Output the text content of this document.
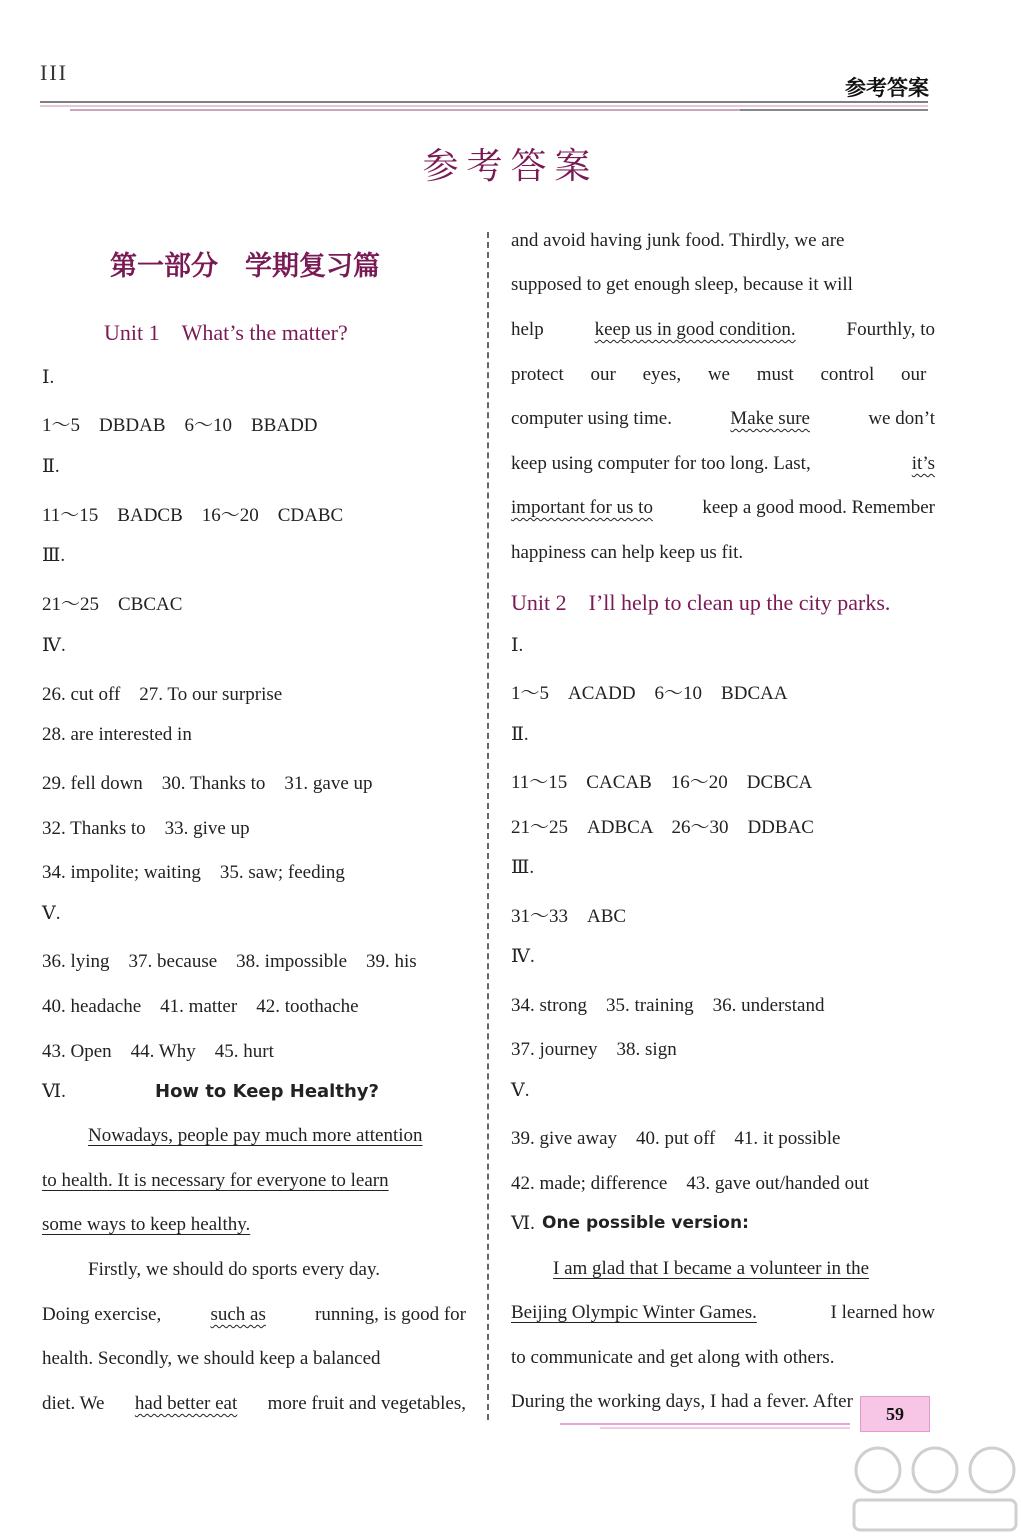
III
参考答案
参考答案
第一部分　学期复习篇
Unit 1　What’s the matter?
Ⅰ.
1～5　DBDAB　6～10　BBADD
Ⅱ.
11～15　BADCB　16～20　CDABC
Ⅲ.
21～25　CBCAC
Ⅳ.
26. cut off　27. To our surprise
28. are interested in
29. fell down　30. Thanks to　31. gave up
32. Thanks to　33. give up
34. impolite; waiting　35. saw; feeding
Ⅴ.
36. lying　37. because　38. impossible　39. his
40. headache　41. matter　42. toothache
43. Open　44. Why　45. hurt
Ⅵ.	How to Keep Healthy?
Nowadays, people pay much more attention
to health. It is necessary for everyone to learn
some ways to keep healthy.
Firstly, we should do sports every day.
Doing exercise,	such as	running, is good for
health. Secondly, we should keep a balanced
diet. We had better eat more fruit and vegetables,
and avoid having junk food. Thirdly, we are
supposed to get enough sleep, because it will
help	keep us in good condition.	Fourthly, to
protect our eyes, we must control our
computer using time.	Make sure	we don’t
keep using computer for too long. Last,	it’s
important for us to	keep a good mood. Remember
happiness can help keep us fit.
Unit 2　I’ll help to clean up the city parks.
Ⅰ.
1～5　ACADD　6～10　BDCAA
Ⅱ.
11～15　CACAB　16～20　DCBCA
21～25　ADBCA　26～30　DDBAC
Ⅲ.
31～33　ABC
Ⅳ.
34. strong　35. training　36. understand
37. journey　38. sign
Ⅴ.
39. give away　40. put off　41. it possible
42. made; difference　43. gave out/handed out
Ⅵ. One possible version:
I am glad that I became a volunteer in the
Beijing Olympic Winter Games.	I learned how
to communicate and get along with others.
During the working days, I had a fever. After
59
